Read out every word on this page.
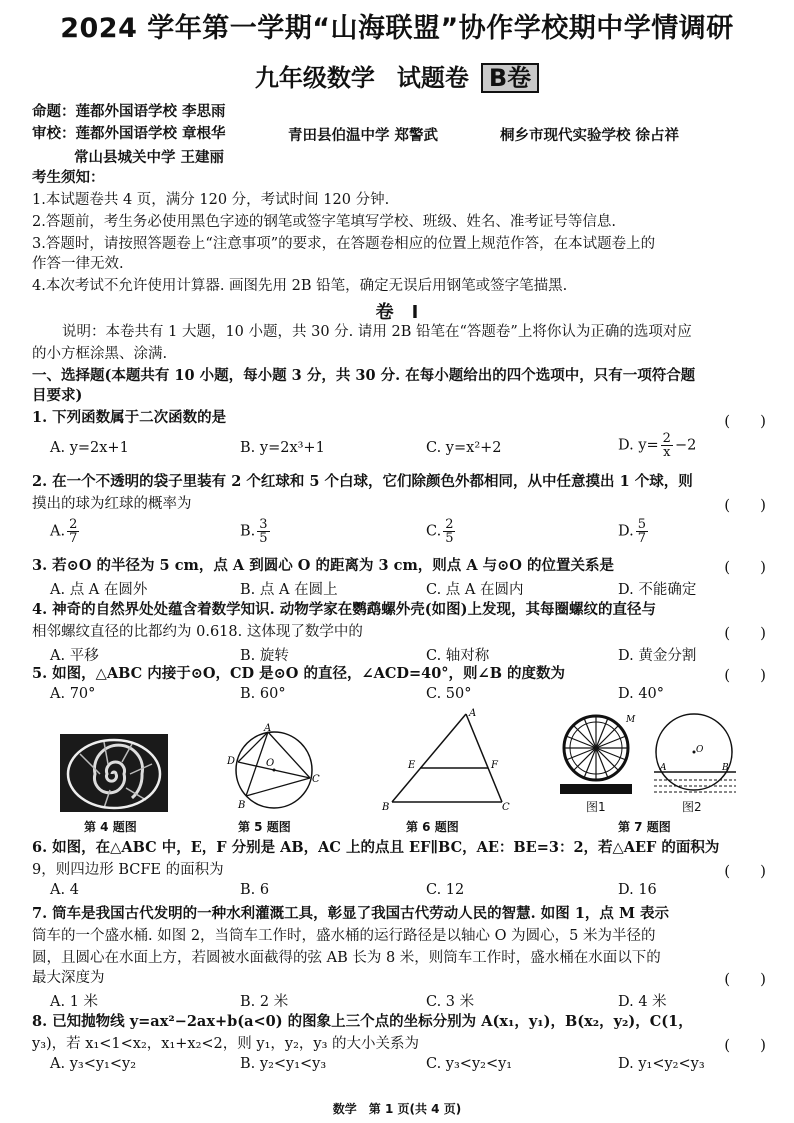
2024 学年第一学期“山海联盟”协作学校期中学情调研
九年级数学 试题卷 B卷
命题：莲都外国语学校 李思雨
审校：莲都外国语学校 章根华	青田县伯温中学 郑警武	桐乡市现代实验学校 徐占祥
常山县城关中学 王建丽
考生须知：
1.本试题卷共 4 页，满分 120 分，考试时间 120 分钟.
2.答题前，考生务必使用黑色字迹的钢笔或签字笔填写学校、班级、姓名、准考证号等信息.
3.答题时，请按照答题卷上“注意事项”的要求，在答题卷相应的位置上规范作答，在本试题卷上的
作答一律无效.
4.本次考试不允许使用计算器. 画图先用 2B 铅笔，确定无误后用钢笔或签字笔描黑.
卷　I
说明：本卷共有 1 大题，10 小题，共 30 分. 请用 2B 铅笔在“答题卷”上将你认为正确的选项对应
的小方框涂黑、涂满.
一、选择题(本题共有 10 小题，每小题 3 分，共 30 分. 在每小题给出的四个选项中，只有一项符合题
目要求)
1. 下列函数属于二次函数的是	(　　)
A. y=2x+1	B. y=2x³+1	C. y=x²+2	D. $y= \frac{2}{x} -2$
2. 在一个不透明的袋子里装有 2 个红球和 5 个白球，它们除颜色外都相同，从中任意摸出 1 个球，则
摸出的球为红球的概率为	(　　)
A. $\frac{2}{7}$	B. $\frac{3}{5}$	C. $\frac{2}{5}$	D. $\frac{5}{7}$
3. 若⊙O 的半径为 5 cm，点 A 到圆心 O 的距离为 3 cm，则点 A 与⊙O 的位置关系是	(　　)
A. 点 A 在圆外	B. 点 A 在圆上	C. 点 A 在圆内	D. 不能确定
4. 神奇的自然界处处蕴含着数学知识. 动物学家在鹦鹉螺外壳(如图)上发现，其每圈螺纹的直径与
相邻螺纹直径的比都约为 0.618. 这体现了数学中的	(　　)
A. 平移	B. 旋转	C. 轴对称	D. 黄金分割
5. 如图，△ABC 内接于⊙O，CD 是⊙O 的直径，∠ACD=40°，则∠B 的度数为	(　　)
A. 70°	B. 60°	C. 50°	D. 40°
第 4 题图
A
D	O
C
B
第 5 题图
A
E	F
B	C
第 6 题图
M
图1
O
A	B
图2
第 7 题图
6. 如图，在△ABC 中，E，F 分别是 AB，AC 上的点且 EF∥BC，AE：BE=3：2，若△AEF 的面积为
9，则四边形 BCFE 的面积为	(　　)
A. 4	B. 6	C. 12	D. 16
7. 筒车是我国古代发明的一种水利灌溉工具，彰显了我国古代劳动人民的智慧. 如图 1，点 M 表示
筒车的一个盛水桶. 如图 2，当筒车工作时，盛水桶的运行路径是以轴心 O 为圆心，5 米为半径的
圆，且圆心在水面上方，若圆被水面截得的弦 AB 长为 8 米，则筒车工作时，盛水桶在水面以下的
最大深度为	(　　)
A. 1 米	B. 2 米	C. 3 米	D. 4 米
8. 已知抛物线 y=ax²−2ax+b(a<0) 的图象上三个点的坐标分别为 A(x₁，y₁)，B(x₂，y₂)，C(1，
y₃)，若 x₁<1<x₂，x₁+x₂<2，则 y₁，y₂，y₃ 的大小关系为	(　　)
A. y₃<y₁<y₂	B. y₂<y₁<y₃	C. y₃<y₂<y₁	D. y₁<y₂<y₃
数学　第 1 页(共 4 页)
